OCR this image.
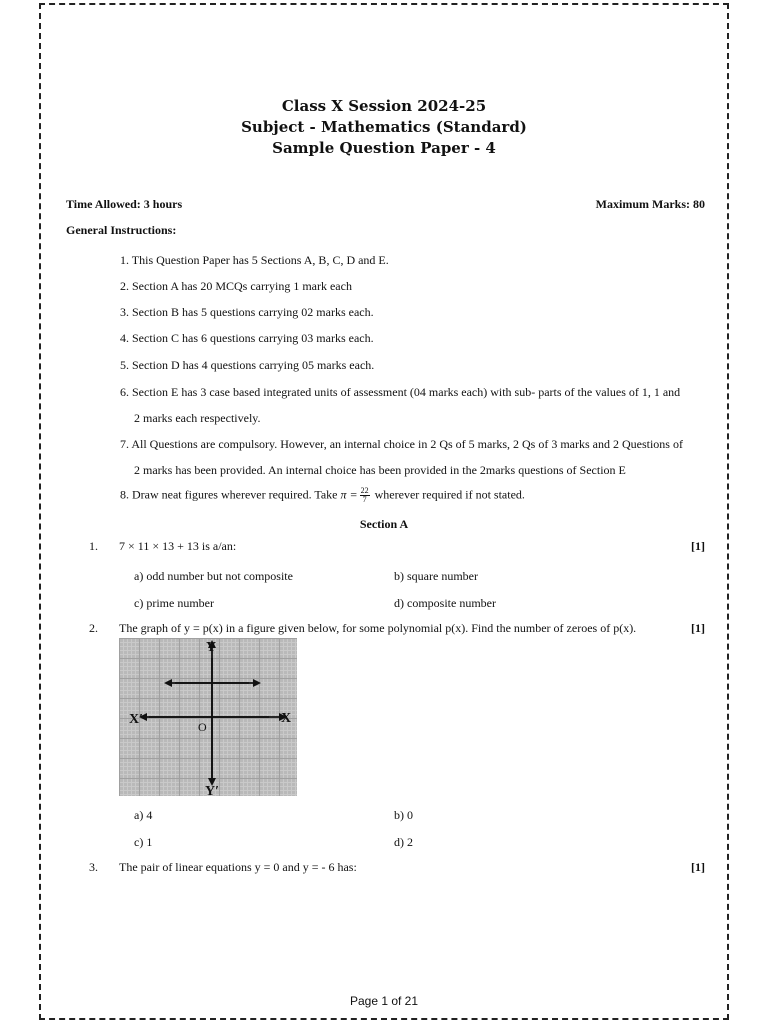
Class X Session 2024-25
Subject - Mathematics (Standard)
Sample Question Paper - 4
Time Allowed: 3 hours	Maximum Marks: 80
General Instructions:
1. This Question Paper has 5 Sections A, B, C, D and E.
2. Section A has 20 MCQs carrying 1 mark each
3. Section B has 5 questions carrying 02 marks each.
4. Section C has 6 questions carrying 03 marks each.
5. Section D has 4 questions carrying 05 marks each.
6. Section E has 3 case based integrated units of assessment (04 marks each) with sub- parts of the values of 1, 1 and
2 marks each respectively.
7. All Questions are compulsory. However, an internal choice in 2 Qs of 5 marks, 2 Qs of 3 marks and 2 Questions of
2 marks has been provided. An internal choice has been provided in the 2marks questions of Section E
8. Draw neat figures wherever required. Take $\pi = \frac{22}{7}$ wherever required if not stated.
Section A
1. 7 × 11 × 13 + 13 is a/an:	[1]
a) odd number but not composite	b) square number
c) prime number	d) composite number
2. The graph of y = p(x) in a figure given below, for some polynomial p(x). Find the number of zeroes of p(x).	[1]
Y
Y′
X
X′	O
a) 4	b) 0
c) 1	d) 2
3. The pair of linear equations y = 0 and y = - 6 has:	[1]
Page 1 of 21
